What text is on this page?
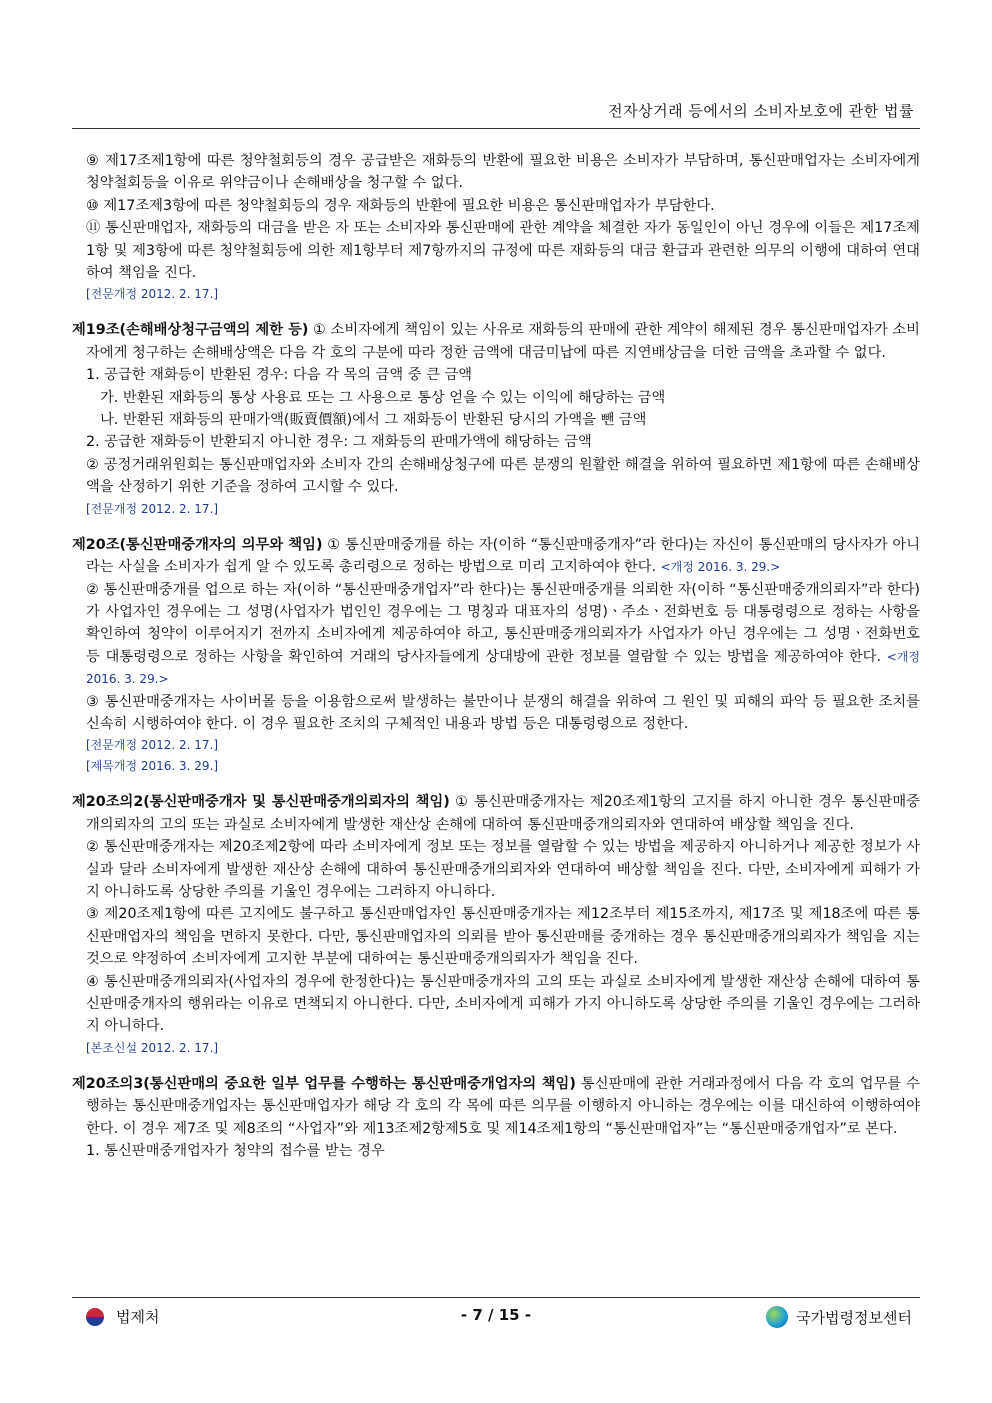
전자상거래 등에서의 소비자보호에 관한 법률

⑨ 제17조제1항에 따른 청약철회등의 경우 공급받은 재화등의 반환에 필요한 비용은 소비자가 부담하며, 통신판매업자는 소비자에게 청약철회등을 이유로 위약금이나 손해배상을 청구할 수 없다.

⑩ 제17조제3항에 따른 청약철회등의 경우 재화등의 반환에 필요한 비용은 통신판매업자가 부담한다.

⑪ 통신판매업자, 재화등의 대금을 받은 자 또는 소비자와 통신판매에 관한 계약을 체결한 자가 동일인이 아닌 경우에 이들은 제17조제1항 및 제3항에 따른 청약철회등에 의한 제1항부터 제7항까지의 규정에 따른 재화등의 대금 환급과 관련한 의무의 이행에 대하여 연대하여 책임을 진다.

[전문개정 2012. 2. 17.]
제19조(손해배상청구금액의 제한 등) ① 소비자에게 책임이 있는 사유로 재화등의 판매에 관한 계약이 해제된 경우 통신판매업자가 소비자에게 청구하는 손해배상액은 다음 각 호의 구분에 따라 정한 금액에 대금미납에 따른 지연배상금을 더한 금액을 초과할 수 없다.

1. 공급한 재화등이 반환된 경우: 다음 각 목의 금액 중 큰 금액

가. 반환된 재화등의 통상 사용료 또는 그 사용으로 통상 얻을 수 있는 이익에 해당하는 금액

나. 반환된 재화등의 판매가액(販賣價額)에서 그 재화등이 반환된 당시의 가액을 뺀 금액

2. 공급한 재화등이 반환되지 아니한 경우: 그 재화등의 판매가액에 해당하는 금액

② 공정거래위원회는 통신판매업자와 소비자 간의 손해배상청구에 따른 분쟁의 원활한 해결을 위하여 필요하면 제1항에 따른 손해배상액을 산정하기 위한 기준을 정하여 고시할 수 있다.

[전문개정 2012. 2. 17.]
제20조(통신판매중개자의 의무와 책임) ① 통신판매중개를 하는 자(이하 “통신판매중개자”라 한다)는 자신이 통신판매의 당사자가 아니라는 사실을 소비자가 쉽게 알 수 있도록 총리령으로 정하는 방법으로 미리 고지하여야 한다. <개정 2016. 3. 29.>

② 통신판매중개를 업으로 하는 자(이하 “통신판매중개업자”라 한다)는 통신판매중개를 의뢰한 자(이하 “통신판매중개의뢰자”라 한다)가 사업자인 경우에는 그 성명(사업자가 법인인 경우에는 그 명칭과 대표자의 성명)ㆍ주소ㆍ전화번호 등 대통령령으로 정하는 사항을 확인하여 청약이 이루어지기 전까지 소비자에게 제공하여야 하고, 통신판매중개의뢰자가 사업자가 아닌 경우에는 그 성명ㆍ전화번호 등 대통령령으로 정하는 사항을 확인하여 거래의 당사자들에게 상대방에 관한 정보를 열람할 수 있는 방법을 제공하여야 한다. <개정 2016. 3. 29.>

③ 통신판매중개자는 사이버몰 등을 이용함으로써 발생하는 불만이나 분쟁의 해결을 위하여 그 원인 및 피해의 파악 등 필요한 조치를 신속히 시행하여야 한다. 이 경우 필요한 조치의 구체적인 내용과 방법 등은 대통령령으로 정한다.

[전문개정 2012. 2. 17.]
[제목개정 2016. 3. 29.]
제20조의2(통신판매중개자 및 통신판매중개의뢰자의 책임) ① 통신판매중개자는 제20조제1항의 고지를 하지 아니한 경우 통신판매중개의뢰자의 고의 또는 과실로 소비자에게 발생한 재산상 손해에 대하여 통신판매중개의뢰자와 연대하여 배상할 책임을 진다.

② 통신판매중개자는 제20조제2항에 따라 소비자에게 정보 또는 정보를 열람할 수 있는 방법을 제공하지 아니하거나 제공한 정보가 사실과 달라 소비자에게 발생한 재산상 손해에 대하여 통신판매중개의뢰자와 연대하여 배상할 책임을 진다. 다만, 소비자에게 피해가 가지 아니하도록 상당한 주의를 기울인 경우에는 그러하지 아니하다.

③ 제20조제1항에 따른 고지에도 불구하고 통신판매업자인 통신판매중개자는 제12조부터 제15조까지, 제17조 및 제18조에 따른 통신판매업자의 책임을 면하지 못한다. 다만, 통신판매업자의 의뢰를 받아 통신판매를 중개하는 경우 통신판매중개의뢰자가 책임을 지는 것으로 약정하여 소비자에게 고지한 부분에 대하여는 통신판매중개의뢰자가 책임을 진다.

④ 통신판매중개의뢰자(사업자의 경우에 한정한다)는 통신판매중개자의 고의 또는 과실로 소비자에게 발생한 재산상 손해에 대하여 통신판매중개자의 행위라는 이유로 면책되지 아니한다. 다만, 소비자에게 피해가 가지 아니하도록 상당한 주의를 기울인 경우에는 그러하지 아니하다.

[본조신설 2012. 2. 17.]
제20조의3(통신판매의 중요한 일부 업무를 수행하는 통신판매중개업자의 책임) 통신판매에 관한 거래과정에서 다음 각 호의 업무를 수행하는 통신판매중개업자는 통신판매업자가 해당 각 호의 각 목에 따른 의무를 이행하지 아니하는 경우에는 이를 대신하여 이행하여야 한다. 이 경우 제7조 및 제8조의 “사업자”와 제13조제2항제5호 및 제14조제1항의 “통신판매업자”는 “통신판매중개업자”로 본다.

1. 통신판매중개업자가 청약의 접수를 받는 경우

법제처	- 7 / 15 -	국가법령정보센터
